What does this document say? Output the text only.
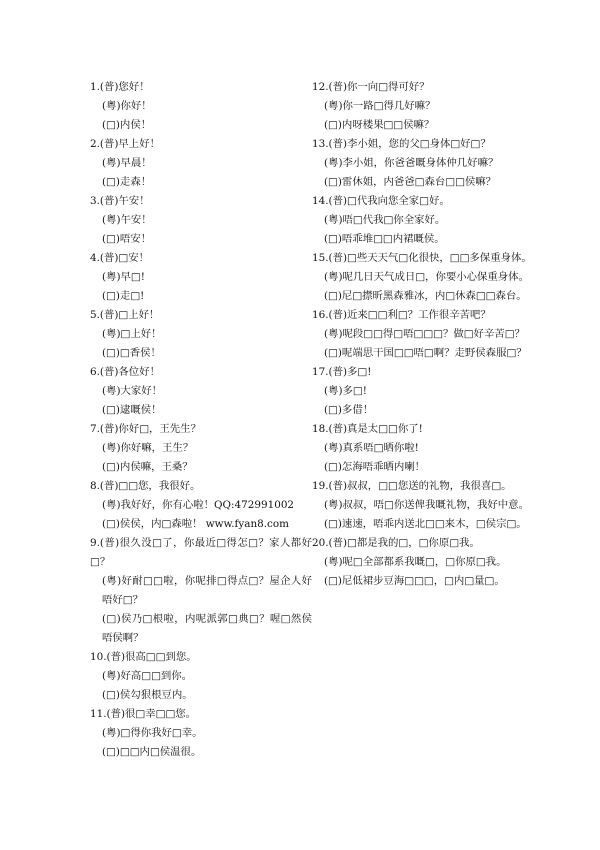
1.(普)您好！
(粤)你好！
(□)内侯！
2.(普)早上好！
(粤)早晨！
(□)走森！
3.(普)午安！
(粤)午安！
(□)唔安！
4.(普)□安！
(粤)早□!
(□)走□!
5.(普)□上好！
(粤)□上好！
(□)□香侯！
6.(普)各位好！
(粤)大家好！
(□)逮嘅侯！
7.(普)你好□，王先生？
(粤)你好嘛，王生？
(□)内侯嘛，王桑？
8.(普)□□您，我很好。
(粤)我好好，你有心啦！QQ:472991002
(□)侯侯，内□森啦！ www.fyan8.com
9.(普)很久没□了，你最近□得怎□？家人都好□？
(粤)好耐□□啦，你呢排□得点□？屋企人好唔好□？
(□)侯乃□根啦，内呢派郭□典□？喔□然侯唔侯啊？
10.(普)很高□□到您。
(粤)好高□□到你。
(□)侯勾狠根豆内。
11.(普)很□幸□□您。
(粤)□得你我好□幸。
(□)□□内□侯温很。
12.(普)你一向□得可好？
(粤)你一路□得几好嘛？
(□)内呀楼果□□侯嘛？
13.(普)李小姐，您的父□身体□好□？
(粤)李小姐，你爸爸嘅身体仲几好嘛？
(□)雷休姐，内爸爸□森台□□侯嘛？
14.(普)□代我向您全家□好。
(粤)唔□代我□你全家好。
(□)唔乖堆□□内裙嘅侯。
15.(普)□些天天气□化很快，□□多保重身体。
(粤)呢几日天气成日□，你要小心保重身体。
(□)尼□㩒昕黑森雅冰，内□休森□□森台。
16.(普)近来□□利□？工作很辛苦吧？
(粤)呢段□□得□唔□□□？做□好辛苦□？
(□)呢端思干国□□唔□啊？走野侯森服□？
17.(普)多□!
(粤)多□!
(□)多借！
18.(普)真是太□□你了!
(粤)真系唔□晒你啦!
(□)怎海唔乖晒内喇！
19.(普)叔叔，□□您送的礼物，我很喜□。
(粤)叔叔，唔□你送俾我嘅礼物，我好中意。
(□)速速，唔乖内送北□□来木，□侯宗□。
20.(普)□都是我的□，□你原□我。
(粤)呢□全部都系我嘅□，□你原□我。
(□)尼低裙步豆海□□□，□内□量□。
